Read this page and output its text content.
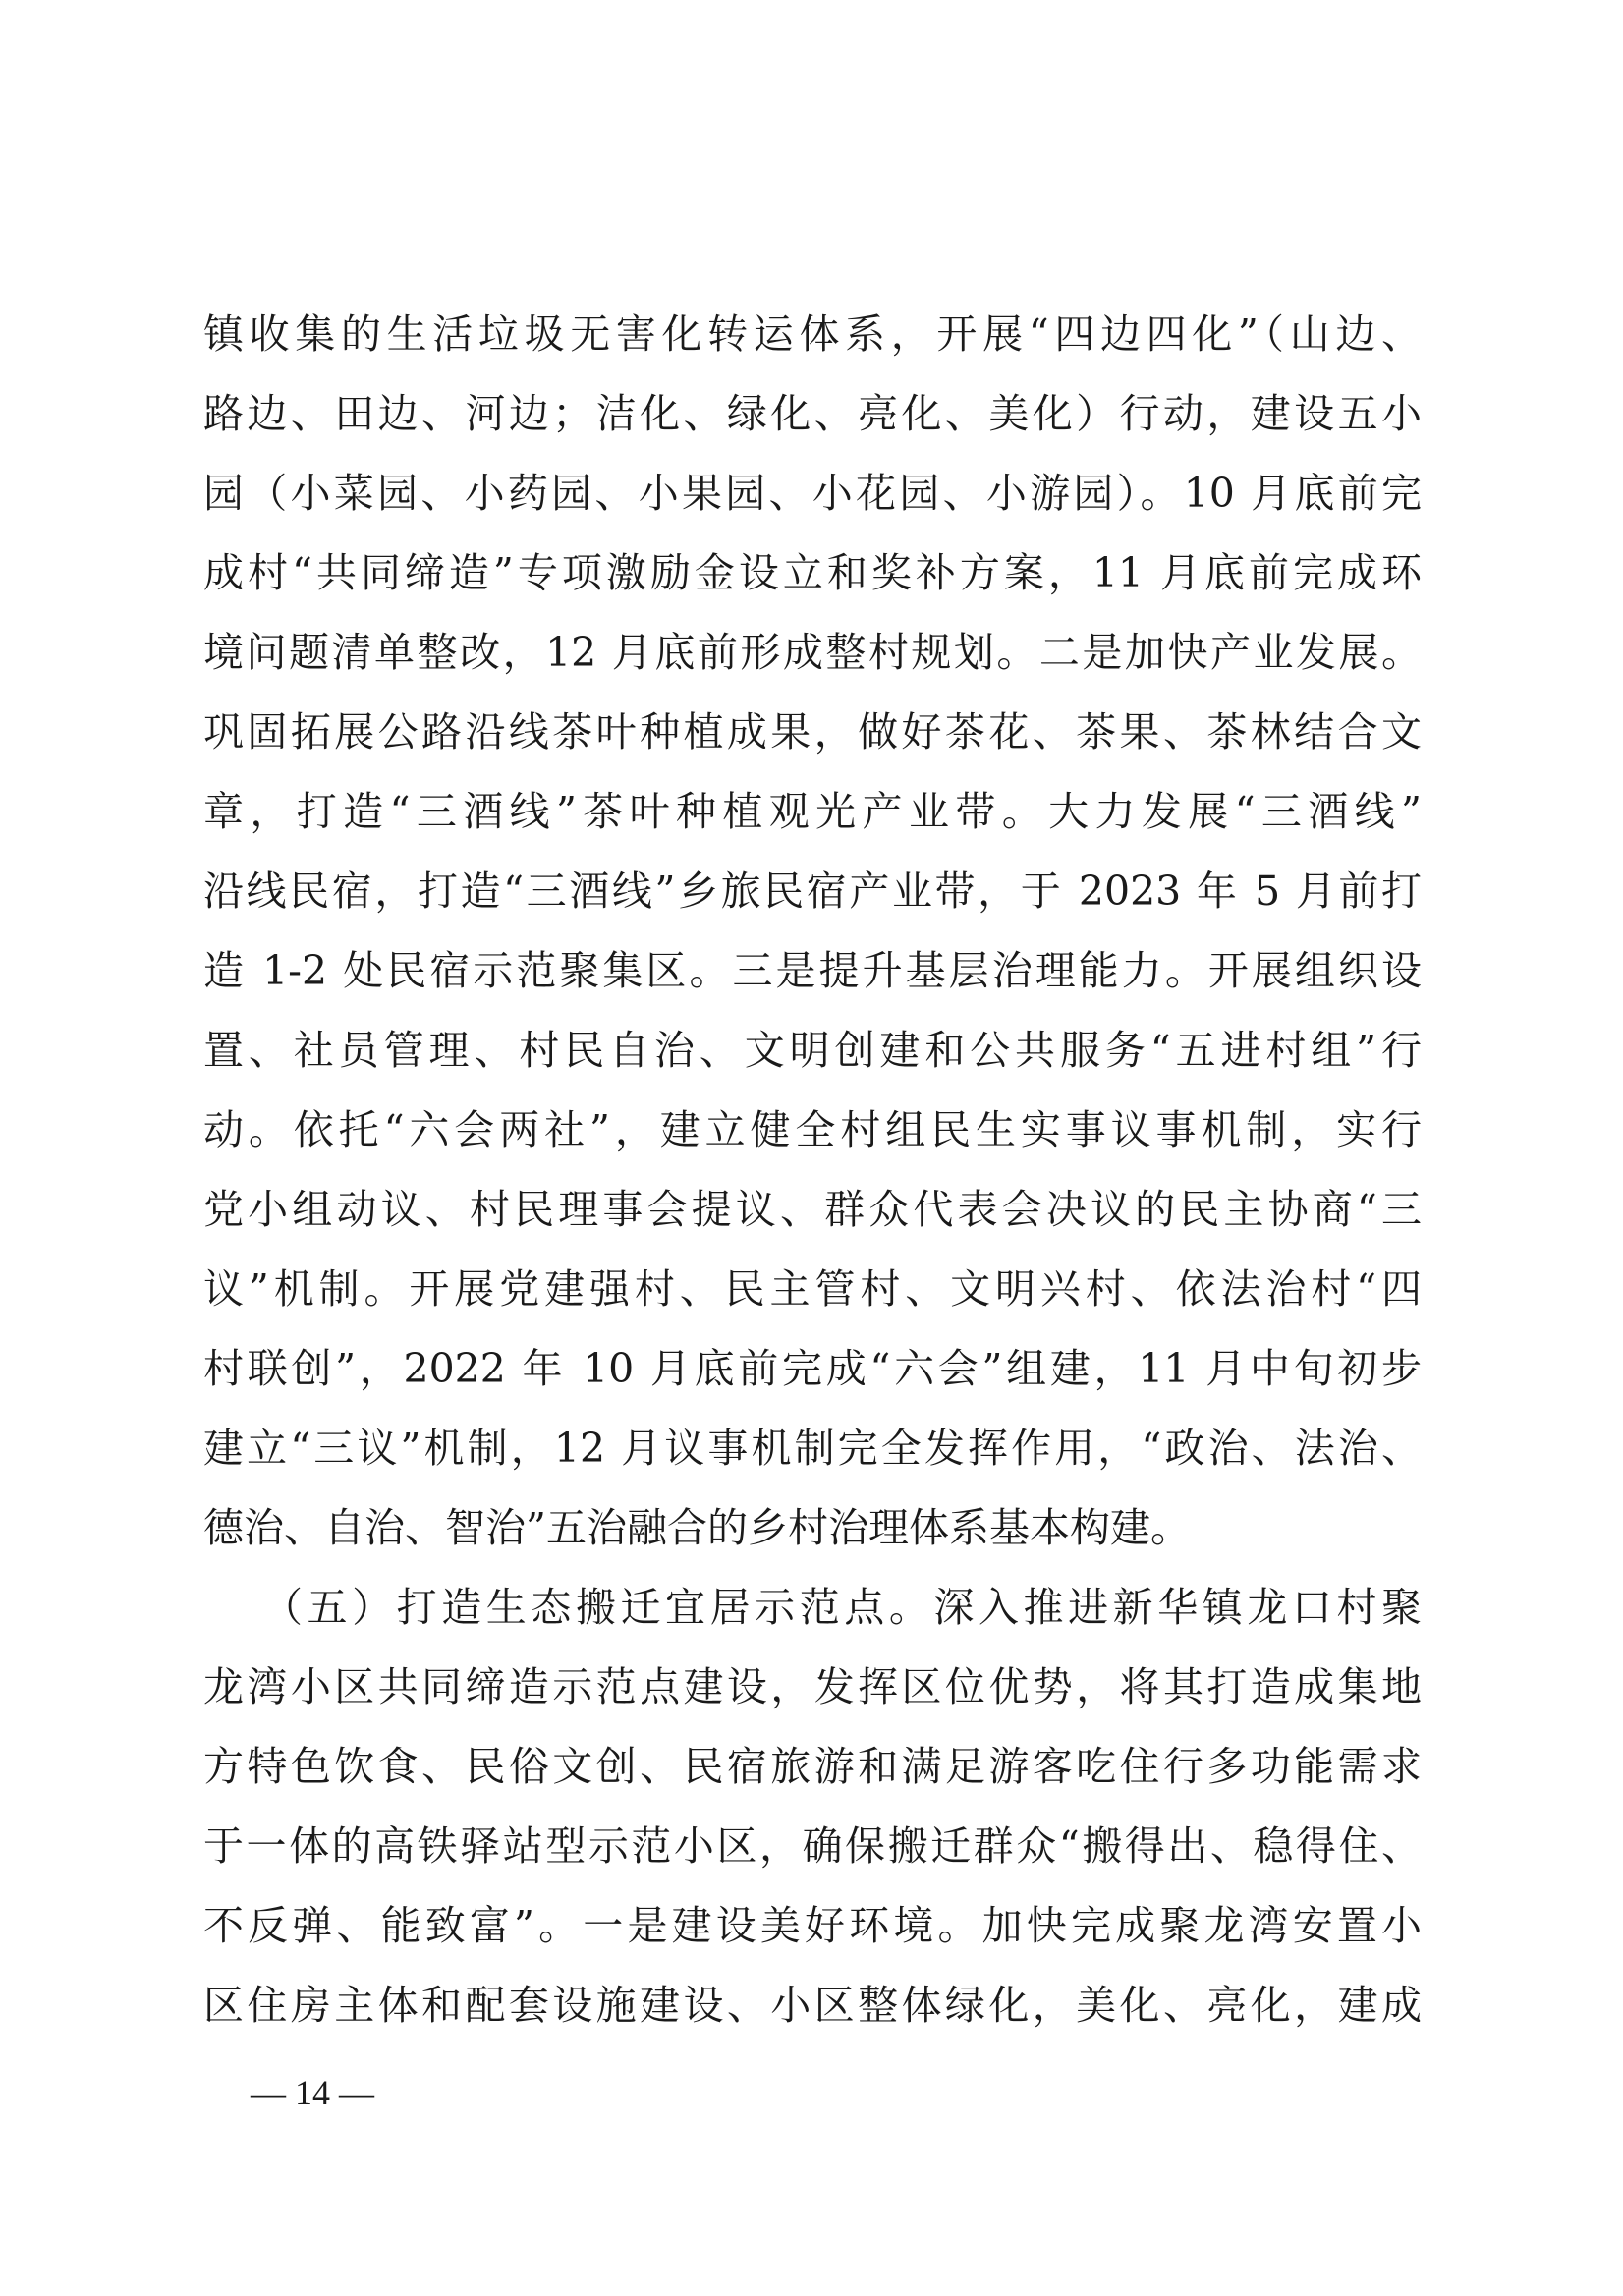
镇收集的生活垃圾无害化转运体系，开展“四边四化”（山边、
路边、田边、河边；洁化、绿化、亮化、美化）行动，建设五小
园（小菜园、小药园、小果园、小花园、小游园）。10 月底前完
成村“共同缔造”专项激励金设立和奖补方案，11 月底前完成环
境问题清单整改，12 月底前形成整村规划。二是加快产业发展。
巩固拓展公路沿线茶叶种植成果，做好茶花、茶果、茶林结合文
章，打造“三酒线”茶叶种植观光产业带。大力发展“三酒线”
沿线民宿，打造“三酒线”乡旅民宿产业带，于 2023 年 5 月前打
造 1-2 处民宿示范聚集区。三是提升基层治理能力。开展组织设
置、社员管理、村民自治、文明创建和公共服务“五进村组”行
动。依托“六会两社”，建立健全村组民生实事议事机制，实行
党小组动议、村民理事会提议、群众代表会决议的民主协商“三
议”机制。开展党建强村、民主管村、文明兴村、依法治村“四
村联创”，2022 年 10 月底前完成“六会”组建，11 月中旬初步
建立“三议”机制，12 月议事机制完全发挥作用，“政治、法治、
德治、自治、智治”五治融合的乡村治理体系基本构建。
（五）打造生态搬迁宜居示范点。深入推进新华镇龙口村聚
龙湾小区共同缔造示范点建设，发挥区位优势，将其打造成集地
方特色饮食、民俗文创、民宿旅游和满足游客吃住行多功能需求
于一体的高铁驿站型示范小区，确保搬迁群众“搬得出、稳得住、
不反弹、能致富”。一是建设美好环境。加快完成聚龙湾安置小
区住房主体和配套设施建设、小区整体绿化，美化、亮化，建成
— 14 —
